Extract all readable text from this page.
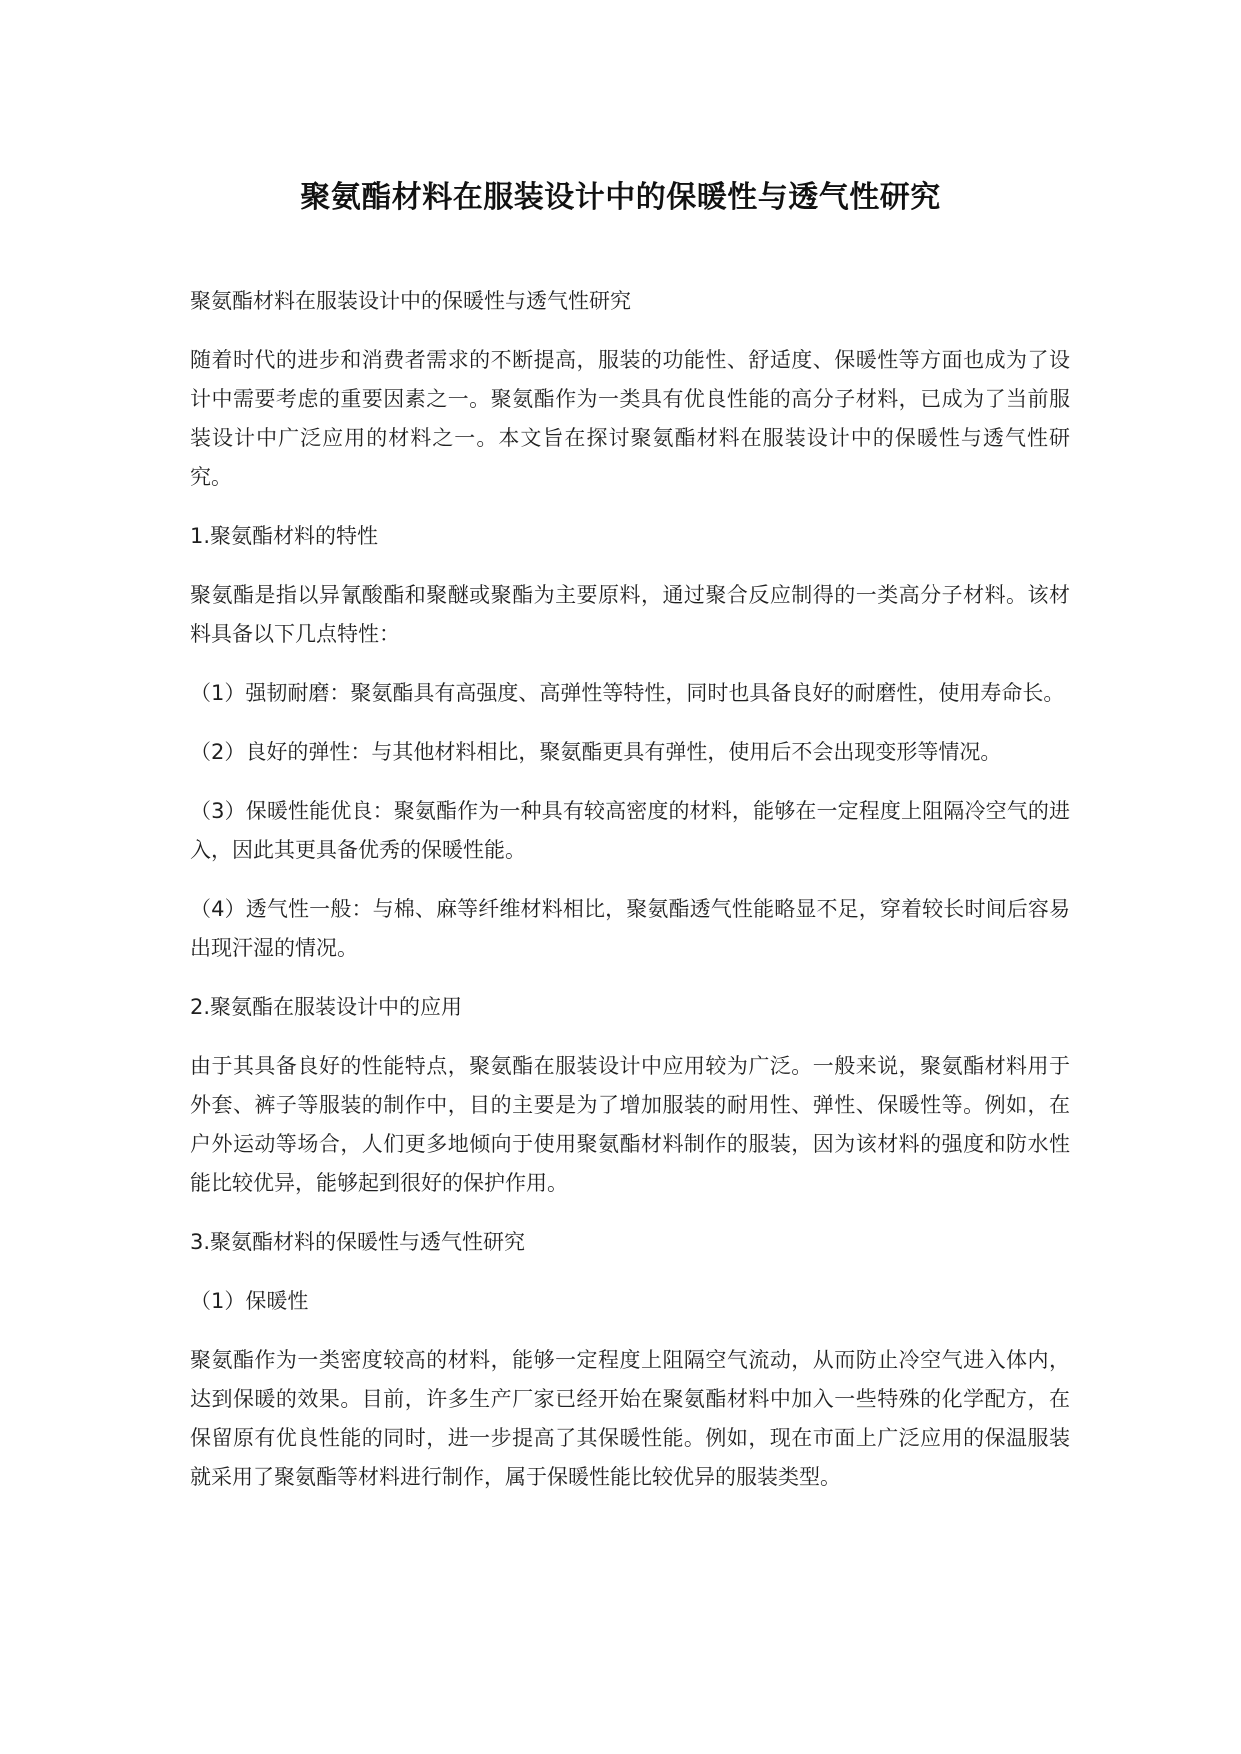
聚氨酯材料在服装设计中的保暖性与透气性研究

聚氨酯材料在服装设计中的保暖性与透气性研究

随着时代的进步和消费者需求的不断提高，服装的功能性、舒适度、保暖性等方面也成为了设计中需要考虑的重要因素之一。聚氨酯作为一类具有优良性能的高分子材料，已成为了当前服装设计中广泛应用的材料之一。本文旨在探讨聚氨酯材料在服装设计中的保暖性与透气性研究。

1.聚氨酯材料的特性

聚氨酯是指以异氰酸酯和聚醚或聚酯为主要原料，通过聚合反应制得的一类高分子材料。该材料具备以下几点特性：

（1）强韧耐磨：聚氨酯具有高强度、高弹性等特性，同时也具备良好的耐磨性，使用寿命长。

（2）良好的弹性：与其他材料相比，聚氨酯更具有弹性，使用后不会出现变形等情况。

（3）保暖性能优良：聚氨酯作为一种具有较高密度的材料，能够在一定程度上阻隔冷空气的进入，因此其更具备优秀的保暖性能。

（4）透气性一般：与棉、麻等纤维材料相比，聚氨酯透气性能略显不足，穿着较长时间后容易出现汗湿的情况。

2.聚氨酯在服装设计中的应用

由于其具备良好的性能特点，聚氨酯在服装设计中应用较为广泛。一般来说，聚氨酯材料用于外套、裤子等服装的制作中，目的主要是为了增加服装的耐用性、弹性、保暖性等。例如，在户外运动等场合，人们更多地倾向于使用聚氨酯材料制作的服装，因为该材料的强度和防水性能比较优异，能够起到很好的保护作用。

3.聚氨酯材料的保暖性与透气性研究

（1）保暖性

聚氨酯作为一类密度较高的材料，能够一定程度上阻隔空气流动，从而防止冷空气进入体内，达到保暖的效果。目前，许多生产厂家已经开始在聚氨酯材料中加入一些特殊的化学配方，在保留原有优良性能的同时，进一步提高了其保暖性能。例如，现在市面上广泛应用的保温服装就采用了聚氨酯等材料进行制作，属于保暖性能比较优异的服装类型。
